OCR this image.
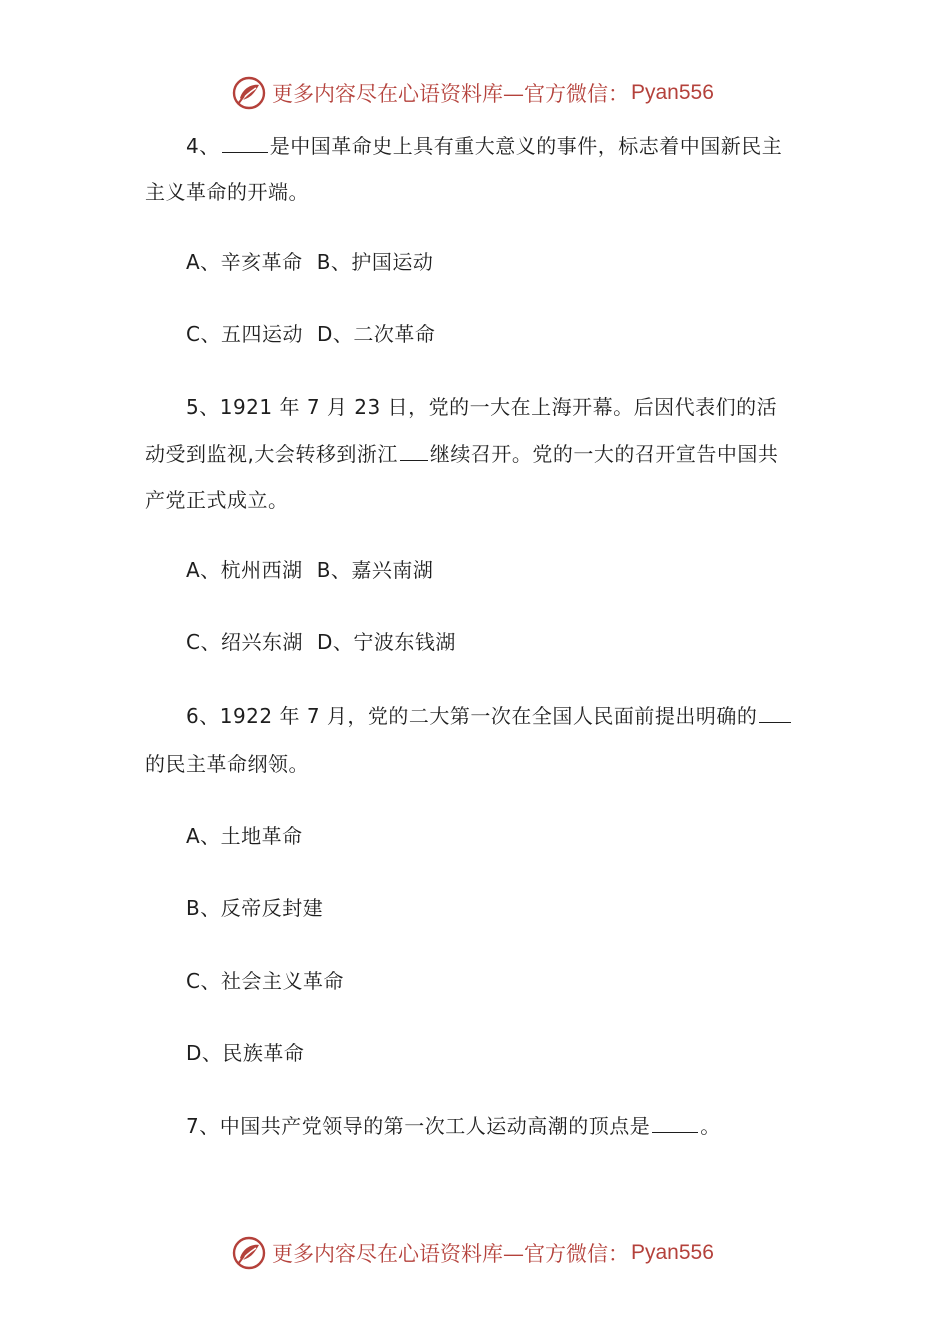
更多内容尽在心语资料库—官方微信： Pyan556
4、	是中国革命史上具有重大意义的事件，标志着中国新民主
主义革命的开端。
A、辛亥革命 B、护国运动
C、五四运动 D、二次革命
5、1921 年 7 月 23 日，党的一大在上海开幕。后因代表们的活
动受到监视,大会转移到浙江 继续召开。党的一大的召开宣告中国共
产党正式成立。
A、杭州西湖 B、嘉兴南湖
C、绍兴东湖 D、宁波东钱湖
6、1922 年 7 月，党的二大第一次在全国人民面前提出明确的
的民主革命纲领。
A、土地革命
B、反帝反封建
C、社会主义革命
D、民族革命
7、中国共产党领导的第一次工人运动高潮的顶点是	。
更多内容尽在心语资料库—官方微信： Pyan556
